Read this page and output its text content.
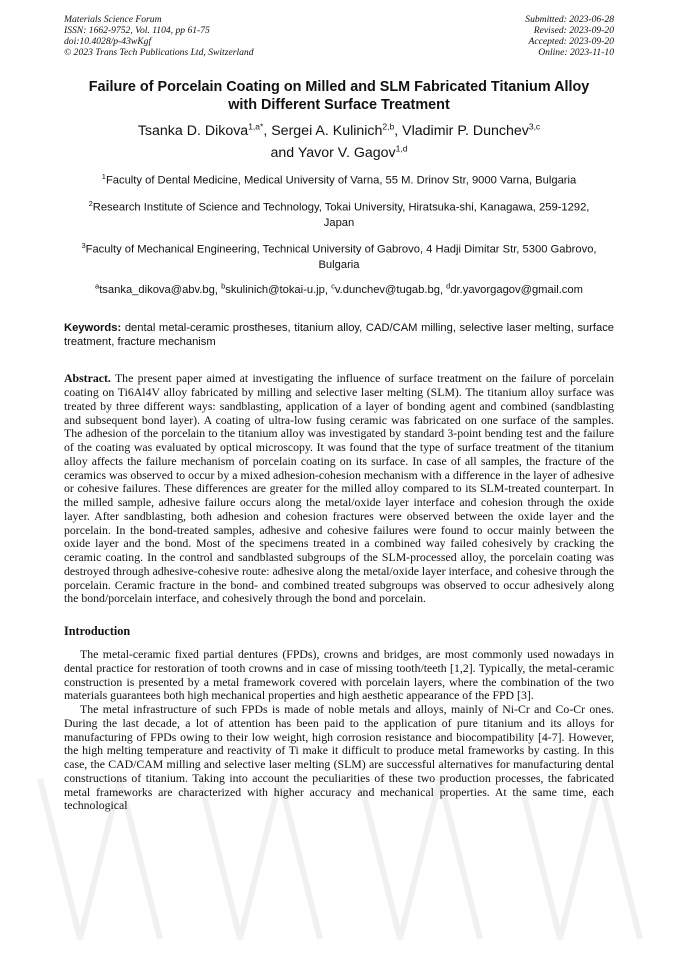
Materials Science Forum
ISSN: 1662-9752, Vol. 1104, pp 61-75
doi:10.4028/p-43wKgf
© 2023 Trans Tech Publications Ltd, Switzerland
Submitted: 2023-06-28
Revised: 2023-09-20
Accepted: 2023-09-20
Online: 2023-11-10
Failure of Porcelain Coating on Milled and SLM Fabricated Titanium Alloy with Different Surface Treatment
Tsanka D. Dikova$^{1,a*}$, Sergei A. Kulinich$^{2,b}$, Vladimir P. Dunchev$^{3,c}$
and Yavor V. Gagov$^{1,d}$
$^1$Faculty of Dental Medicine, Medical University of Varna, 55 M. Drinov Str, 9000 Varna, Bulgaria
$^2$Research Institute of Science and Technology, Tokai University, Hiratsuka-shi, Kanagawa, 259-1292, Japan
$^3$Faculty of Mechanical Engineering, Technical University of Gabrovo, 4 Hadji Dimitar Str, 5300 Gabrovo, Bulgaria
$^a$tsanka_dikova@abv.bg, $^b$skulinich@tokai-u.jp, $^c$v.dunchev@tugab.bg, $^d$dr.yavorgagov@gmail.com
Keywords: dental metal-ceramic prostheses, titanium alloy, CAD/CAM milling, selective laser melting, surface treatment, fracture mechanism
Abstract. The present paper aimed at investigating the influence of surface treatment on the failure of porcelain coating on Ti6Al4V alloy fabricated by milling and selective laser melting (SLM). The titanium alloy surface was treated by three different ways: sandblasting, application of a layer of bonding agent and combined (sandblasting and subsequent bond layer). A coating of ultra-low fusing ceramic was fabricated on one surface of the samples. The adhesion of the porcelain to the titanium alloy was investigated by standard 3-point bending test and the failure of the coating was evaluated by optical microscopy. It was found that the type of surface treatment of the titanium alloy affects the failure mechanism of porcelain coating on its surface. In case of all samples, the fracture of the ceramics was observed to occur by a mixed adhesion-cohesion mechanism with a difference in the layer of adhesive or cohesive failures. These differences are greater for the milled alloy compared to its SLM-treated counterpart. In the milled sample, adhesive failure occurs along the metal/oxide layer interface and cohesion through the oxide layer. After sandblasting, both adhesion and cohesion fractures were observed between the oxide layer and the porcelain. In the bond-treated samples, adhesive and cohesive failures were found to occur mainly between the oxide layer and the bond. Most of the specimens treated in a combined way failed cohesively by cracking the ceramic coating. In the control and sandblasted subgroups of the SLM-processed alloy, the porcelain coating was destroyed through adhesive-cohesive route: adhesive along the metal/oxide layer interface, and cohesive through the porcelain. Ceramic fracture in the bond- and combined treated subgroups was observed to occur adhesively along the bond/porcelain interface, and cohesively through the bond and porcelain.
Introduction

The metal-ceramic fixed partial dentures (FPDs), crowns and bridges, are most commonly used nowadays in dental practice for restoration of tooth crowns and in case of missing tooth/teeth [1,2]. Typically, the metal-ceramic construction is presented by a metal framework covered with porcelain layers, where the combination of the two materials guarantees both high mechanical properties and high aesthetic appearance of the FPD [3].

The metal infrastructure of such FPDs is made of noble metals and alloys, mainly of Ni-Cr and Co-Cr ones. During the last decade, a lot of attention has been paid to the application of pure titanium and its alloys for manufacturing of FPDs owing to their low weight, high corrosion resistance and biocompatibility [4-7]. However, the high melting temperature and reactivity of Ti make it difficult to produce metal frameworks by casting. In this case, the CAD/CAM milling and selective laser melting (SLM) are successful alternatives for manufacturing dental constructions of titanium. Taking into account the peculiarities of these two production processes, the fabricated metal frameworks are characterized with higher accuracy and mechanical properties. At the same time, each technological
